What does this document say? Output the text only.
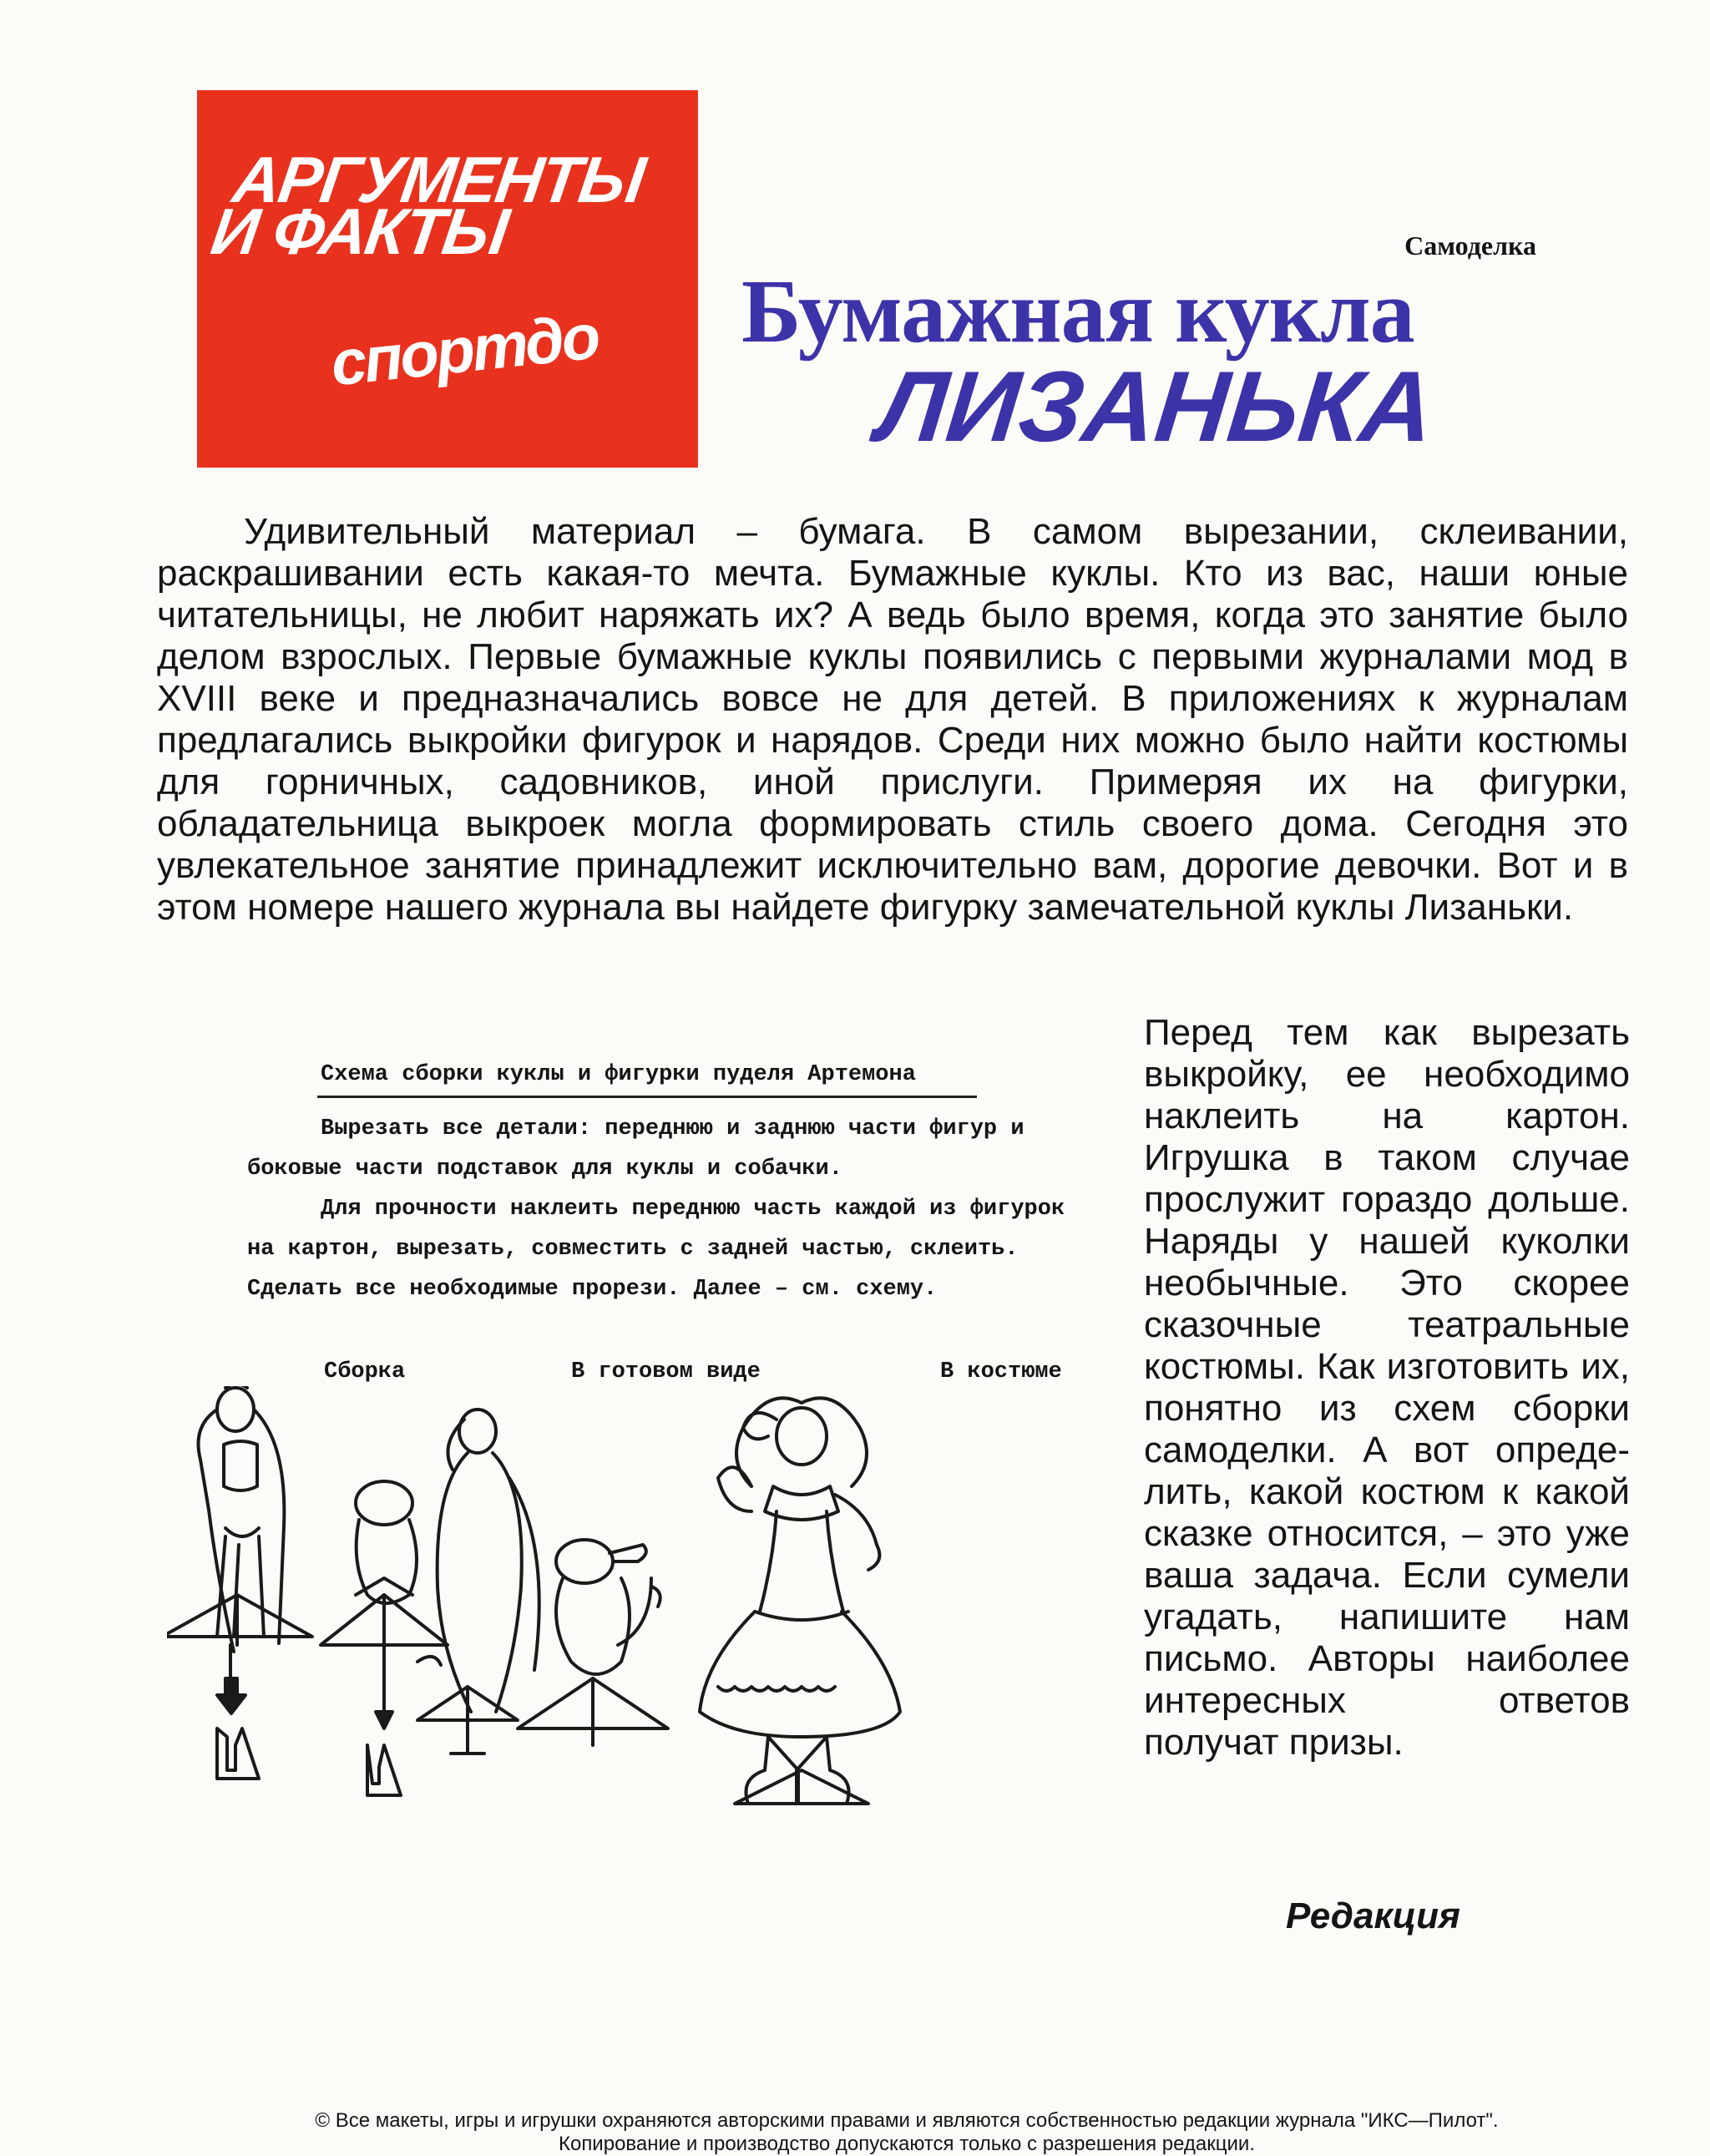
АРГУМЕНТЫ
И ФАКТЫ
спортдо
Самоделка
Бумажная кукла
ЛИЗАНЬКА

Удивительный материал – бумага. В самом вырезании, склеивании, раскрашивании есть какая-то мечта. Бумажные куклы. Кто из вас, наши юные читательницы, не любит наряжать их? А ведь было время, когда это занятие было делом взрослых. Первые бумажные куклы появились с первыми журналами мод в XVIII веке и предназначались вовсе не для детей. В приложениях к журналам предлагались выкройки фигурок и нарядов. Среди них можно было найти костюмы для горничных, садовников, иной прислуги. Примеряя их на фигурки, обладательница выкроек могла формировать стиль своего дома. Сегодня это увлекательное занятие принадлежит исключительно вам, дорогие девочки. Вот и в этом номере нашего журнала вы найдете фигурку замечательной куклы Лизаньки.

Перед тем как вырезать выкройку, ее необходимо наклеить на картон. Игрушка в таком случае прослужит гораздо дольше. Наряды у нашей куколки необычные. Это скорее сказочные театральные костюмы. Как изготовить их, понятно из схем сборки самоделки. А вот определить, какой костюм к какой сказке относится, – это уже ваша задача. Если сумели угадать, напишите нам письмо. Авторы наиболее интересных ответов получат призы.

Редакция
Схема сборки куклы и фигурки пуделя Артемона

Вырезать все детали: переднюю и заднюю части фигур и боковые части подставок для куклы и собачки.

Для прочности наклеить переднюю часть каждой из фигурок на картон, вырезать, совместить с задней частью, склеить. Сделать все необходимые прорези. Далее – см. схему.

Сборка	В готовом виде	В костюме
© Все макеты, игры и игрушки охраняются авторскими правами и являются собственностью редакции журнала "ИКС—Пилот".
Копирование и производство допускаются только с разрешения редакции.
